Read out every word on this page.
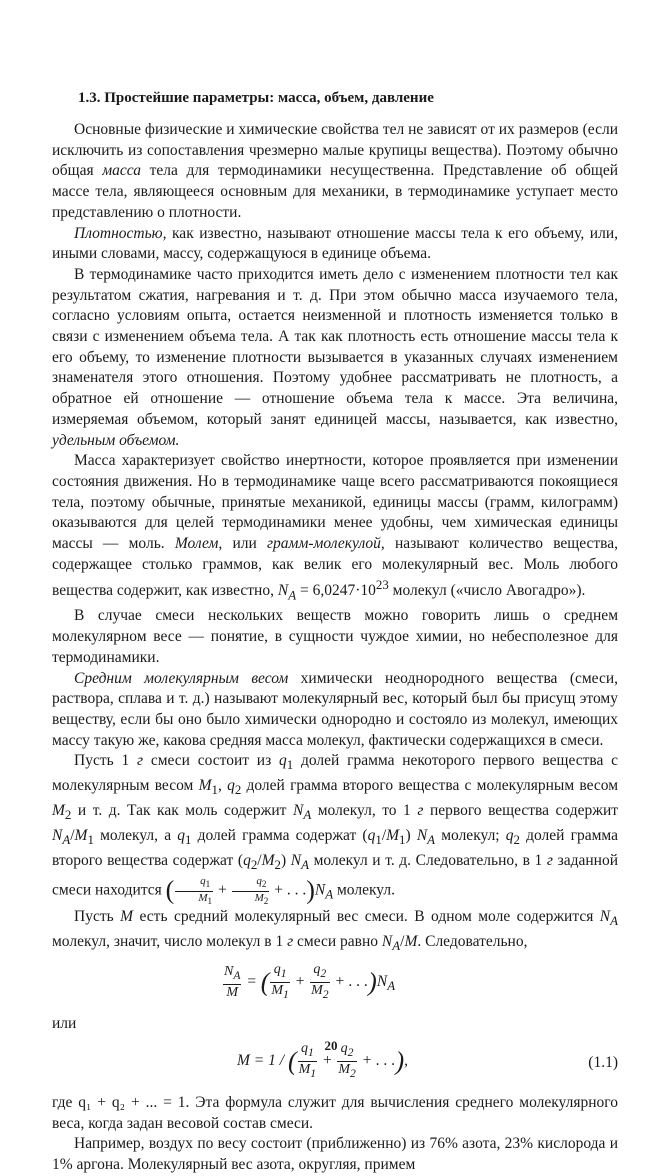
1.3. Простейшие параметры: масса, объем, давление

Основные физические и химические свойства тел не зависят от их размеров (если исключить из сопоставления чрезмерно малые крупицы вещества). Поэтому обычно общая масса тела для термодинамики несущественна. Представление об общей массе тела, являющееся основным для механики, в термодинамике уступает место представлению о плотности.

Плотностью, как известно, называют отношение массы тела к его объему, или, иными словами, массу, содержащуюся в единице объема.

В термодинамике часто приходится иметь дело с изменением плотности тел как результатом сжатия, нагревания и т. д. При этом обычно масса изучаемого тела, согласно условиям опыта, остается неизменной и плотность изменяется только в связи с изменением объема тела. А так как плотность есть отношение массы тела к его объему, то изменение плотности вызывается в указанных случаях изменением знаменателя этого отношения. Поэтому удобнее рассматривать не плотность, а обратное ей отношение — отношение объема тела к массе. Эта величина, измеряемая объемом, который занят единицей массы, называется, как известно, удельным объемом.

Масса характеризует свойство инертности, которое проявляется при изменении состояния движения. Но в термодинамике чаще всего рассматриваются покоящиеся тела, поэтому обычные, принятые механикой, единицы массы (грамм, килограмм) оказываются для целей термодинамики менее удобны, чем химическая единицы массы — моль. Молем, или грамм-молекулой, называют количество вещества, содержащее столько граммов, как велик его молекулярный вес. Моль любого вещества содержит, как известно, $N_A = 6,0247\cdot 10^{23}$ молекул («число Авогадро»).

В случае смеси нескольких веществ можно говорить лишь о среднем молекулярном весе — понятие, в сущности чуждое химии, но небесполезное для термодинамики.

Средним молекулярным весом химически неоднородного вещества (смеси, раствора, сплава и т. д.) называют молекулярный вес, который был бы присущ этому веществу, если бы оно было химически однородно и состояло из молекул, имеющих массу такую же, какова средняя масса молекул, фактически содержащихся в смеси.

Пусть 1 г смеси состоит из $q_1$ долей грамма некоторого первого вещества с молекулярным весом $M_1$, $q_2$ долей грамма второго вещества с молекулярным весом $M_2$ и т. д. Так как моль содержит $N_A$ молекул, то 1 г первого вещества содержит $N_A/M_1$ молекул, а $q_1$ долей грамма содержат $(q_1/M_1)$ $N_A$ молекул; $q_2$ долей грамма второго вещества содержат $(q_2/M_2)$ $N_A$ молекул и т. д. Следовательно, в 1 г заданной смеси находится ( $\frac{q_1}{M_1} + \frac{q_2}{M_2}$ + . . $.)N_A$ молекул.

Пусть M есть средний молекулярный вес смеси. В одном моле содержится $N_A$ молекул, значит, число молекул в 1 г смеси равно $N_A/M$. Следовательно,

$\frac{N_A}{M}$ = ( $\frac{q_1}{M_1} + \frac{q_2}{M_2}$ + . . $.)N_A$

или

M = 1 / ( $\frac{q_1}{M_1} + \frac{q_2}{M_2}$ + . . .),	(1.1)

где q₁ + q₂ + ... = 1. Эта формула служит для вычисления среднего молекулярного веса, когда задан весовой состав смеси.

Например, воздух по весу состоит (приближенно) из 76% азота, 23% кислорода и 1% аргона. Молекулярный вес азота, округляя, примем

20
